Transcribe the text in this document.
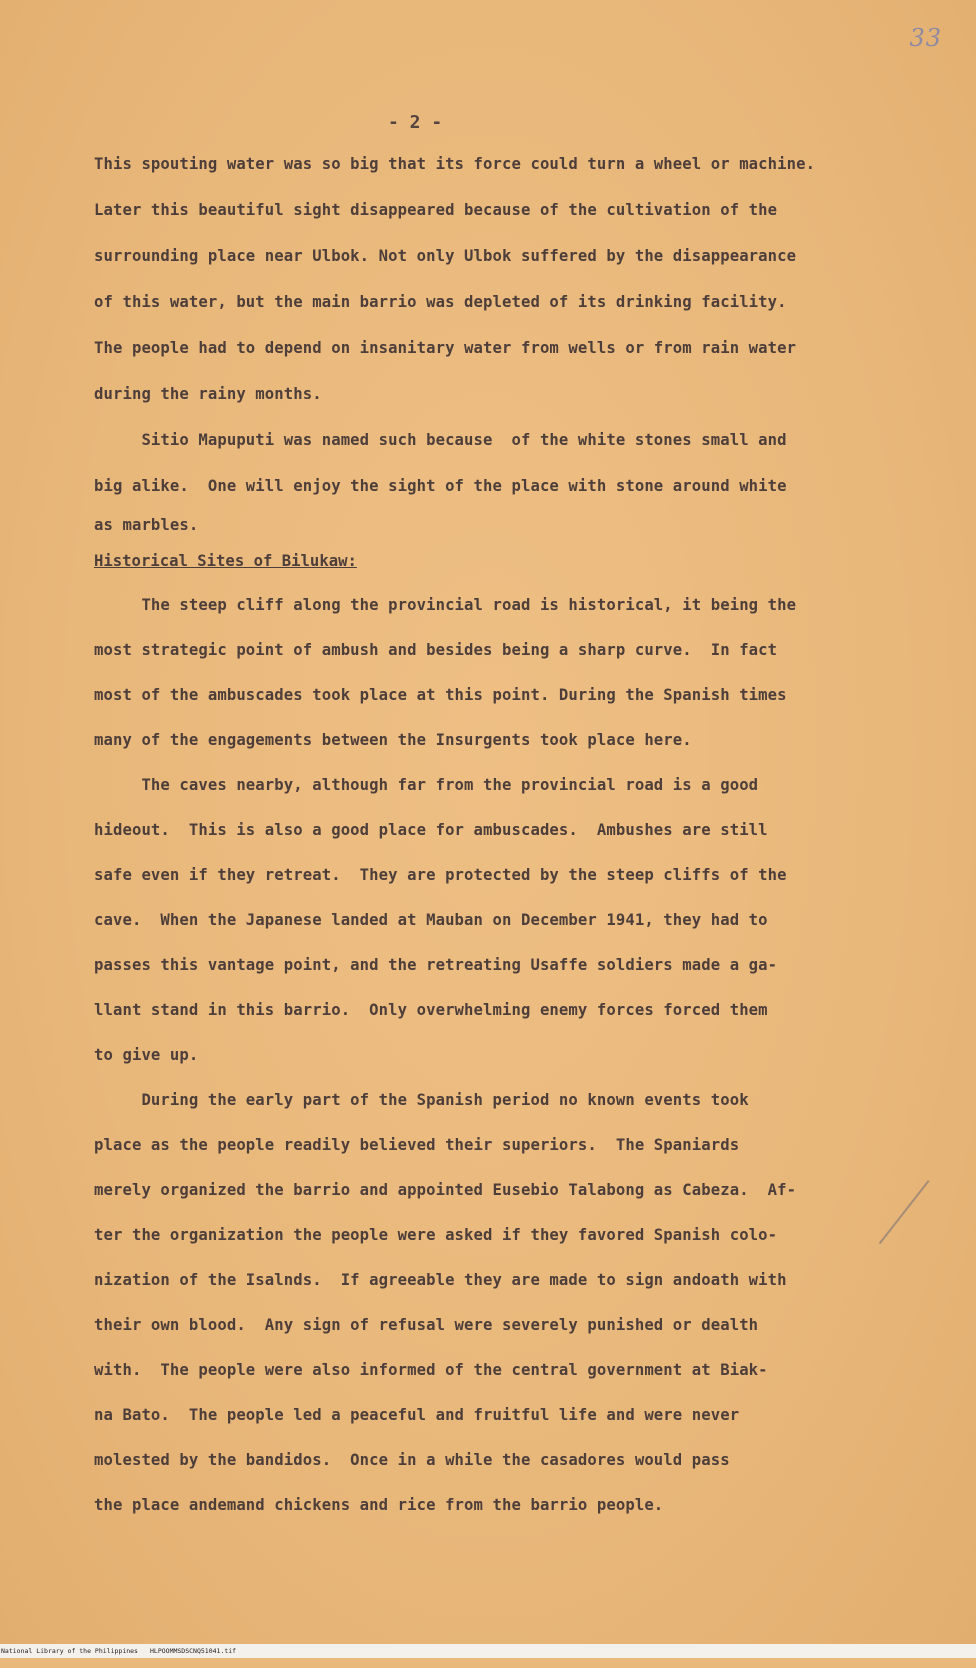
33
- 2 -
This spouting water was so big that its force could turn a wheel or machine.
Later this beautiful sight disappeared because of the cultivation of the
surrounding place near Ulbok. Not only Ulbok suffered by the disappearance
of this water, but the main barrio was depleted of its drinking facility.
The people had to depend on insanitary water from wells or from rain water
during the rainy months.
Sitio Mapuputi was named such because  of the white stones small and
big alike.  One will enjoy the sight of the place with stone around white
as marbles.
Historical Sites of Bilukaw:
The steep cliff along the provincial road is historical, it being the
most strategic point of ambush and besides being a sharp curve.  In fact
most of the ambuscades took place at this point. During the Spanish times
many of the engagements between the Insurgents took place here.
The caves nearby, although far from the provincial road is a good
hideout.  This is also a good place for ambuscades.  Ambushes are still
safe even if they retreat.  They are protected by the steep cliffs of the
cave.  When the Japanese landed at Mauban on December 1941, they had to
passes this vantage point, and the retreating Usaffe soldiers made a ga-
llant stand in this barrio.  Only overwhelming enemy forces forced them
to give up.
During the early part of the Spanish period no known events took
place as the people readily believed their superiors.  The Spaniards
merely organized the barrio and appointed Eusebio Talabong as Cabeza.  Af-
ter the organization the people were asked if they favored Spanish colo-
nization of the Isalnds.  If agreeable they are made to sign andoath with
their own blood.  Any sign of refusal were severely punished or dealth
with.  The people were also informed of the central government at Biak-
na Bato.  The people led a peaceful and fruitful life and were never
molested by the bandidos.  Once in a while the casadores would pass
the place andemand chickens and rice from the barrio people.

National Library of the Philippines

HLPOOMMSDSCNQ51041.tif
